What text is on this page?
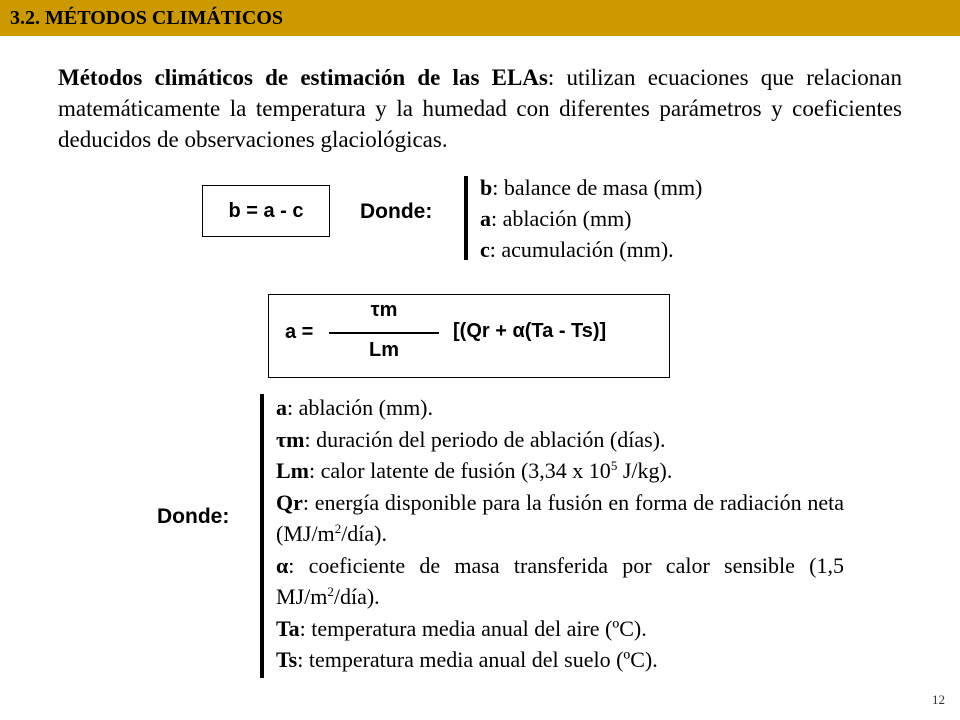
3.2. MÉTODOS CLIMÁTICOS
Métodos climáticos de estimación de las ELAs: utilizan ecuaciones que relacionan matemáticamente la temperatura y la humedad con diferentes parámetros y coeficientes deducidos de observaciones glaciológicas.
b = a - c	Donde:

b: balance de masa (mm)

a: ablación (mm)

c: acumulación (mm).

a =
τm
Lm
[(Qr + α(Ta - Ts)]
Donde:

a: ablación (mm).

τm: duración del periodo de ablación (días).

Lm: calor latente de fusión (3,34 x $10^5$ J/kg).

Qr: energía disponible para la fusión en forma de radiación neta $(MJ/m^2/día)$.

α: coeficiente de masa transferida por calor sensible (1,5 $MJ/m^2/día$).

Ta: temperatura media anual del aire (ºC).

Ts: temperatura media anual del suelo (ºC).

12
